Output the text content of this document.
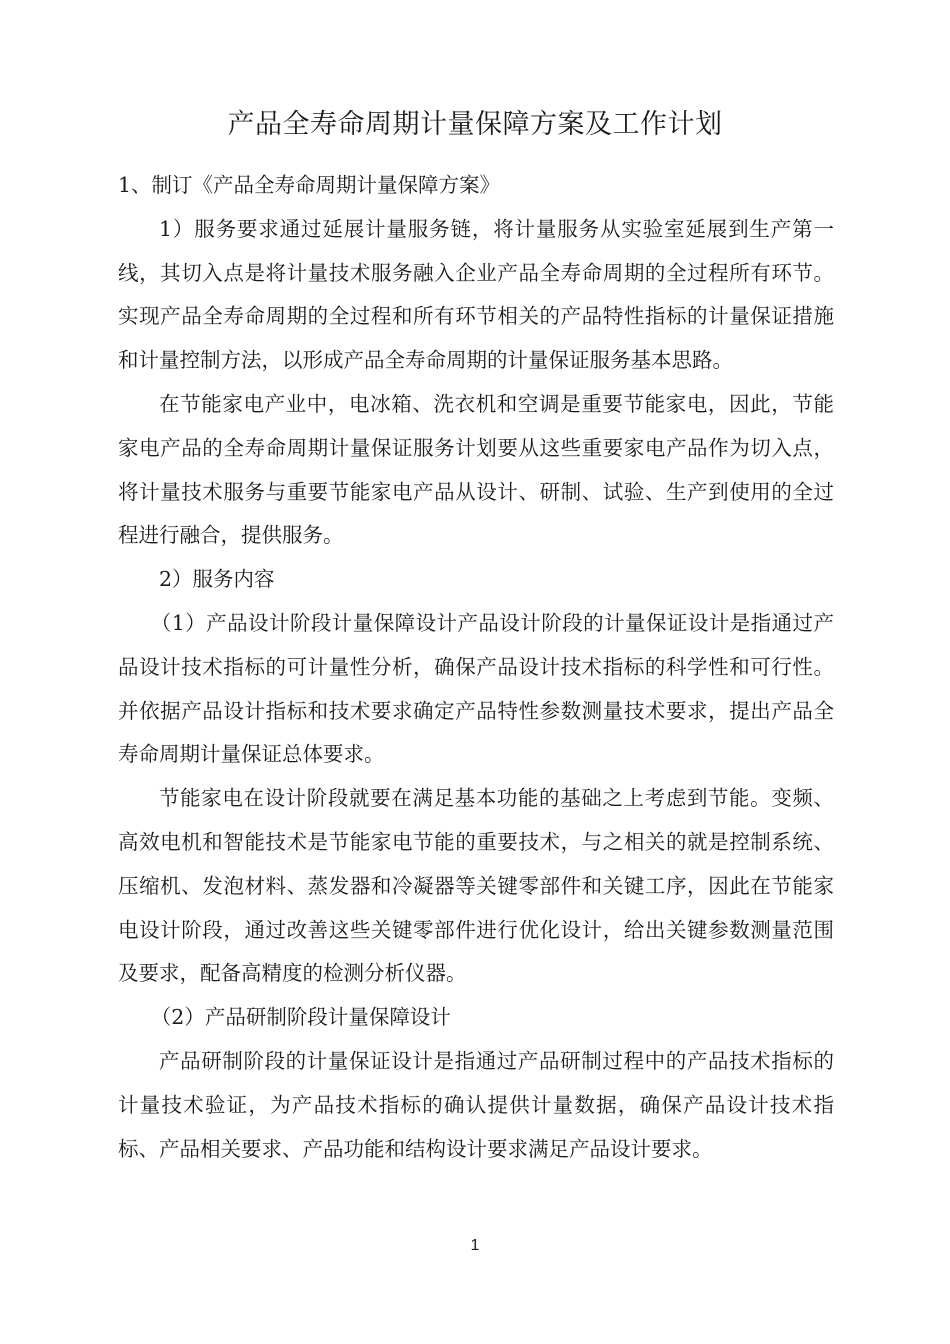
产品全寿命周期计量保障方案及工作计划

1、制订《产品全寿命周期计量保障方案》

1）服务要求通过延展计量服务链，将计量服务从实验室延展到生产第一线，其切入点是将计量技术服务融入企业产品全寿命周期的全过程所有环节。实现产品全寿命周期的全过程和所有环节相关的产品特性指标的计量保证措施和计量控制方法，以形成产品全寿命周期的计量保证服务基本思路。

在节能家电产业中，电冰箱、洗衣机和空调是重要节能家电，因此，节能家电产品的全寿命周期计量保证服务计划要从这些重要家电产品作为切入点，将计量技术服务与重要节能家电产品从设计、研制、试验、生产到使用的全过程进行融合，提供服务。

2）服务内容

（1）产品设计阶段计量保障设计产品设计阶段的计量保证设计是指通过产品设计技术指标的可计量性分析，确保产品设计技术指标的科学性和可行性。并依据产品设计指标和技术要求确定产品特性参数测量技术要求，提出产品全寿命周期计量保证总体要求。

节能家电在设计阶段就要在满足基本功能的基础之上考虑到节能。变频、高效电机和智能技术是节能家电节能的重要技术，与之相关的就是控制系统、压缩机、发泡材料、蒸发器和冷凝器等关键零部件和关键工序，因此在节能家电设计阶段，通过改善这些关键零部件进行优化设计，给出关键参数测量范围及要求，配备高精度的检测分析仪器。

（2）产品研制阶段计量保障设计

产品研制阶段的计量保证设计是指通过产品研制过程中的产品技术指标的计量技术验证，为产品技术指标的确认提供计量数据，确保产品设计技术指标、产品相关要求、产品功能和结构设计要求满足产品设计要求。

1
